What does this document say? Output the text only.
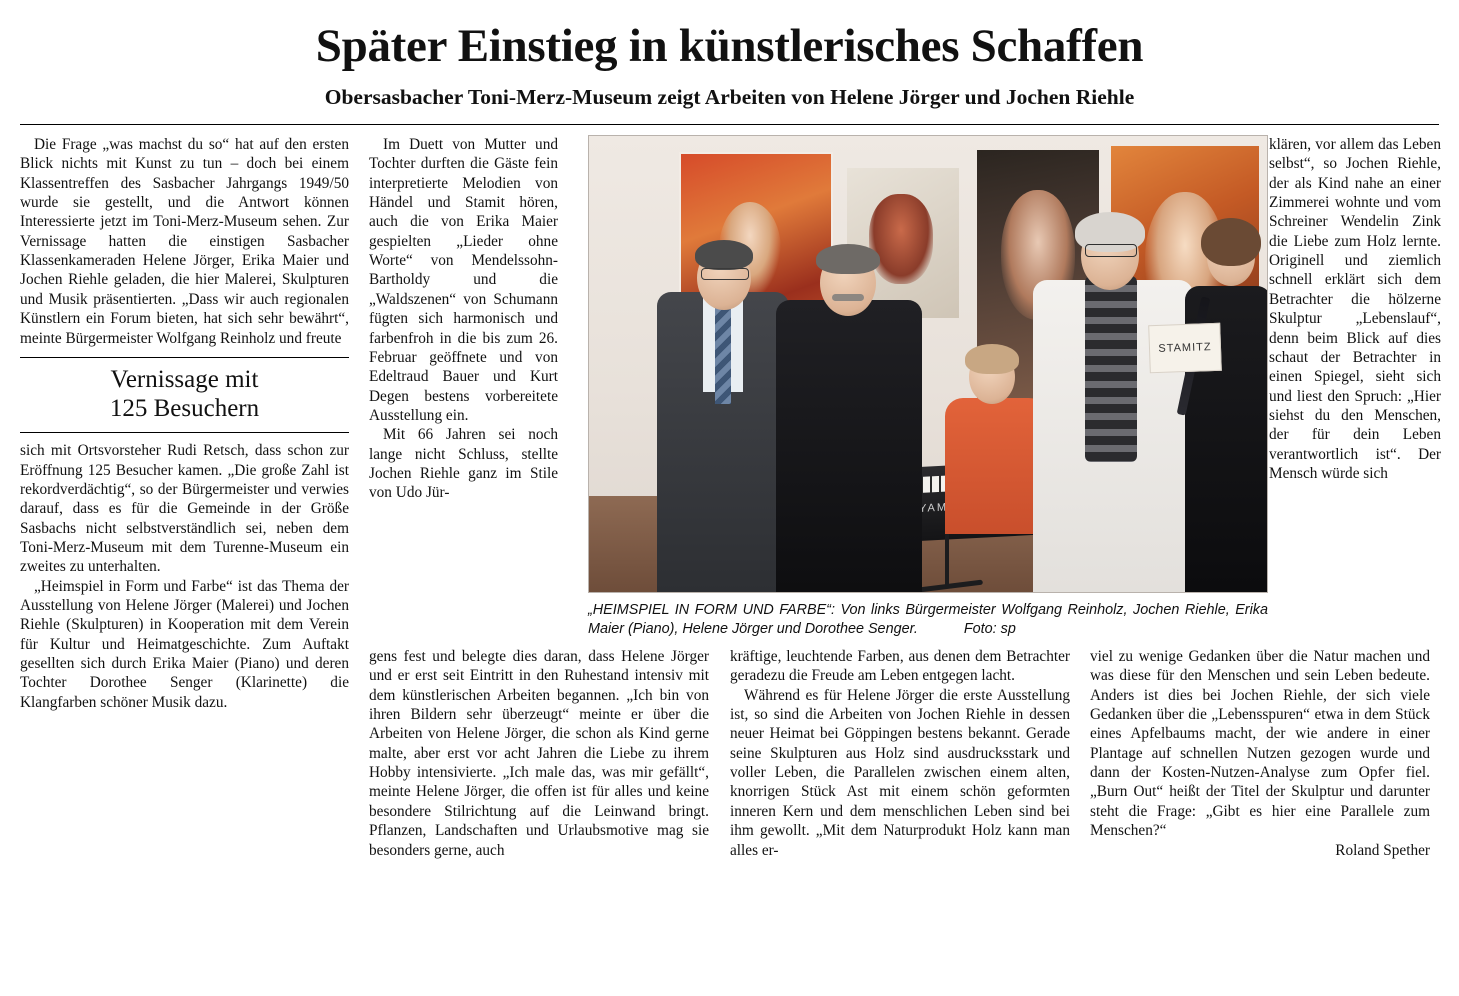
Später Einstieg in künstlerisches Schaffen
Obersasbacher Toni-Merz-Museum zeigt Arbeiten von Helene Jörger und Jochen Riehle

Die Frage „was machst du so“ hat auf den ersten Blick nichts mit Kunst zu tun – doch bei einem Klassentreffen des Sasbacher Jahrgangs 1949/50 wurde sie gestellt, und die Antwort können Interessierte jetzt im Toni-Merz-Museum sehen. Zur Vernissage hatten die einstigen Sasbacher Klassenkameraden Helene Jörger, Erika Maier und Jochen Riehle geladen, die hier Malerei, Skulpturen und Musik präsentierten. „Dass wir auch regionalen Künstlern ein Forum bieten, hat sich sehr bewährt“, meinte Bürgermeister Wolfgang Reinholz und freute

Vernissage mit
125 Besuchern

sich mit Ortsvorsteher Rudi Retsch, dass schon zur Eröffnung 125 Besucher kamen. „Die große Zahl ist rekordverdächtig“, so der Bürgermeister und verwies darauf, dass es für die Gemeinde in der Größe Sasbachs nicht selbstverständlich sei, neben dem Toni-Merz-Museum mit dem Turenne-Museum ein zweites zu unterhalten.

„Heimspiel in Form und Farbe“ ist das Thema der Ausstellung von Helene Jörger (Malerei) und Jochen Riehle (Skulpturen) in Kooperation mit dem Verein für Kultur und Heimatgeschichte. Zum Auftakt gesellten sich durch Erika Maier (Piano) und deren Tochter Dorothee Senger (Klarinette) die Klangfarben schöner Musik dazu.

Im Duett von Mutter und Tochter durften die Gäste fein interpretierte Melodien von Händel und Stamit hören, auch die von Erika Maier gespielten „Lieder ohne Worte“ von Mendelssohn-Bartholdy und die „Waldszenen“ von Schumann fügten sich harmonisch und farbenfroh in die bis zum 26. Februar geöffnete und von Edeltraud Bauer und Kurt Degen bestens vorbereitete Ausstellung ein.

Mit 66 Jahren sei noch lange nicht Schluss, stellte Jochen Riehle ganz im Stile von Udo Jür-

gens fest und belegte dies daran, dass Helene Jörger und er erst seit Eintritt in den Ruhestand intensiv mit dem künstlerischen Arbeiten begannen. „Ich bin von ihren Bildern sehr überzeugt“ meinte er über die Arbeiten von Helene Jörger, die schon als Kind gerne malte, aber erst vor acht Jahren die Liebe zu ihrem Hobby intensivierte. „Ich male das, was mir gefällt“, meinte Helene Jörger, die offen ist für alles und keine besondere Stilrichtung auf die Leinwand bringt. Pflanzen, Landschaften und Urlaubsmotive mag sie besonders gerne, auch

kräftige, leuchtende Farben, aus denen dem Betrachter geradezu die Freude am Leben entgegen lacht.

Während es für Helene Jörger die erste Ausstellung ist, so sind die Arbeiten von Jochen Riehle in dessen neuer Heimat bei Göppingen bestens bekannt. Gerade seine Skulpturen aus Holz sind ausdrucksstark und voller Leben, die Parallelen zwischen einem alten, knorrigen Stück Ast mit einem schön geformten inneren Kern und dem menschlichen Leben sind bei ihm gewollt. „Mit dem Naturprodukt Holz kann man alles er-

klären, vor allem das Leben selbst“, so Jochen Riehle, der als Kind nahe an einer Zimmerei wohnte und vom Schreiner Wendelin Zink die Liebe zum Holz lernte. Originell und ziemlich schnell erklärt sich dem Betrachter die hölzerne Skulptur „Lebenslauf“, denn beim Blick auf dies schaut der Betrachter in einen Spiegel, sieht sich und liest den Spruch: „Hier siehst du den Menschen, der für dein Leben verantwortlich ist“. Der Mensch würde sich

viel zu wenige Gedanken über die Natur machen und was diese für den Menschen und sein Leben bedeute. Anders ist dies bei Jochen Riehle, der sich viele Gedanken über die „Lebensspuren“ etwa in dem Stück eines Apfelbaums macht, der wie andere in einer Plantage auf schnellen Nutzen gezogen wurde und dann der Kosten-Nutzen-Analyse zum Opfer fiel. „Burn Out“ heißt der Titel der Skulptur und darunter steht die Frage: „Gibt es hier eine Parallele zum Menschen?“

Roland Spether
STAMITZ
„HEIMSPIEL IN FORM UND FARBE“: Von links Bürgermeister Wolfgang Reinholz, Jochen Riehle, Erika Maier (Piano), Helene Jörger und Dorothee Senger.	Foto: sp
